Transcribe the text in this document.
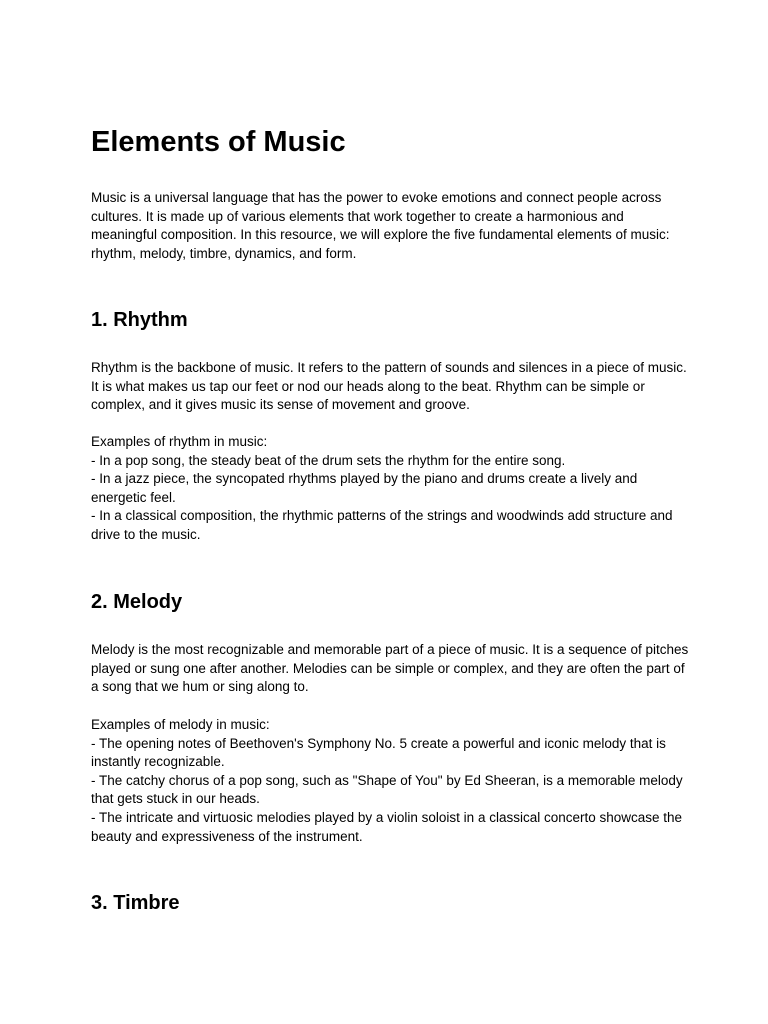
Elements of Music

Music is a universal language that has the power to evoke emotions and connect people across cultures. It is made up of various elements that work together to create a harmonious and meaningful composition. In this resource, we will explore the five fundamental elements of music: rhythm, melody, timbre, dynamics, and form.

1. Rhythm

Rhythm is the backbone of music. It refers to the pattern of sounds and silences in a piece of music. It is what makes us tap our feet or nod our heads along to the beat. Rhythm can be simple or complex, and it gives music its sense of movement and groove.

Examples of rhythm in music:
- In a pop song, the steady beat of the drum sets the rhythm for the entire song.
- In a jazz piece, the syncopated rhythms played by the piano and drums create a lively and energetic feel.
- In a classical composition, the rhythmic patterns of the strings and woodwinds add structure and drive to the music.

2. Melody

Melody is the most recognizable and memorable part of a piece of music. It is a sequence of pitches played or sung one after another. Melodies can be simple or complex, and they are often the part of a song that we hum or sing along to.

Examples of melody in music:
- The opening notes of Beethoven's Symphony No. 5 create a powerful and iconic melody that is instantly recognizable.
- The catchy chorus of a pop song, such as "Shape of You" by Ed Sheeran, is a memorable melody that gets stuck in our heads.
- The intricate and virtuosic melodies played by a violin soloist in a classical concerto showcase the beauty and expressiveness of the instrument.

3. Timbre
